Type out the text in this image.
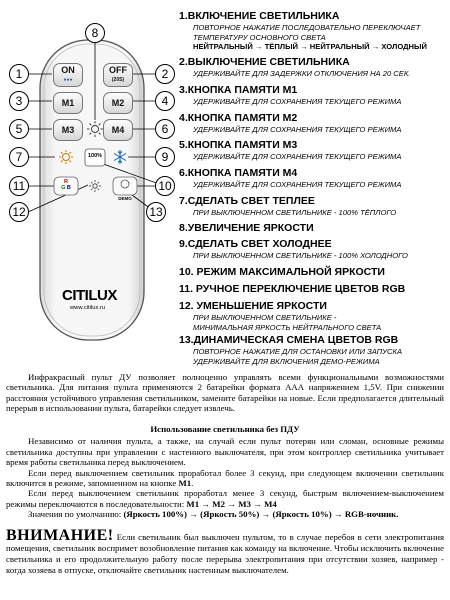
ON
●●●
OFF
(20S)
M1	M2
M3	M4
100%
R
G B
DEMO
CITILUX
www.citilux.ru
1	2
3	4
5	6
7
8
9
10
11
12	13
1.ВКЛЮЧЕНИЕ СВЕТИЛЬНИКА
ПОВТОРНОЕ НАЖАТИЕ ПОСЛЕДОВАТЕЛЬНО ПЕРЕКЛЮЧАЕТ
ТЕМПЕРАТУРУ ОСНОВНОГО СВЕТА
НЕЙТРАЛЬНЫЙ → ТЁПЛЫЙ → НЕЙТРАЛЬНЫЙ → ХОЛОДНЫЙ
2.ВЫКЛЮЧЕНИЕ СВЕТИЛЬНИКА
УДЕРЖИВАЙТЕ ДЛЯ ЗАДЕРЖКИ ОТКЛЮЧЕНИЯ НА 20 СЕК.
3.КНОПКА ПАМЯТИ М1
УДЕРЖИВАЙТЕ ДЛЯ СОХРАНЕНИЯ ТЕКУЩЕГО РЕЖИМА
4.КНОПКА ПАМЯТИ М2
УДЕРЖИВАЙТЕ ДЛЯ СОХРАНЕНИЯ ТЕКУЩЕГО РЕЖИМА
5.КНОПКА ПАМЯТИ М3
УДЕРЖИВАЙТЕ ДЛЯ СОХРАНЕНИЯ ТЕКУЩЕГО РЕЖИМА
6.КНОПКА ПАМЯТИ М4
УДЕРЖИВАЙТЕ ДЛЯ СОХРАНЕНИЯ ТЕКУЩЕГО РЕЖИМА
7.СДЕЛАТЬ СВЕТ ТЕПЛЕЕ
ПРИ ВЫКЛЮЧЕННОМ СВЕТИЛЬНИКЕ - 100% ТЁПЛОГО
8.УВЕЛИЧЕНИЕ ЯРКОСТИ
9.СДЕЛАТЬ СВЕТ ХОЛОДНЕЕ
ПРИ ВЫКЛЮЧЕННОМ СВЕТИЛЬНИКЕ - 100% ХОЛОДНОГО
10. РЕЖИМ МАКСИМАЛЬНОЙ ЯРКОСТИ
11. РУЧНОЕ ПЕРЕКЛЮЧЕНИЕ ЦВЕТОВ RGB
12. УМЕНЬШЕНИЕ ЯРКОСТИ
ПРИ ВЫКЛЮЧЕННОМ СВЕТИЛЬНИКЕ -
МИНИМАЛЬНАЯ ЯРКОСТЬ НЕЙТРАЛЬНОГО СВЕТА
13.ДИНАМИЧЕСКАЯ СМЕНА ЦВЕТОВ RGB
ПОВТОРНОЕ НАЖАТИЕ ДЛЯ ОСТАНОВКИ ИЛИ ЗАПУСКА
УДЕРЖИВАЙТЕ ДЛЯ ВКЛЮЧЕНИЯ ДЕМО-РЕЖИМА

Инфракрасный пульт ДУ позволяет полноценно управлять всеми функциональными возможностями светильника. Для питания пульта применяются 2 батарейки формата ААА напряжением 1,5V. При снижении расстояния устойчивого управления светильником, замените батарейки на новые. Если предполагается длительный перерыв в использовании пульта, батарейки следует извлечь.

Использование светильника без ПДУ

Независимо от наличия пульта, а также, на случай если пульт потерян или сломан, основные режимы светильника доступны при управлении с настенного выключателя, при этом контроллер светильника учитывает время работы светильника перед выключением.

Если перед выключением светильник проработал более 3 секунд, при следующем включении светильник включится в режиме, запомненном на кнопке М1.

Если перед выключением светильник проработал менее 3 секунд, быстрым включением-выключением режимы переключаются в последовательности: М1 → М2 → М3 → М4

Значения по умолчанию: (Яркость 100%) → (Яркость 50%) → (Яркость 10%) → RGB-ночник.

ВНИМАНИЕ! Если светильник был выключен пультом, то в случае перебоя в сети электропитания помещения, светильник воспримет возобновление питания как команду на включение. Чтобы исключить включение светильника и его продолжительную работу после перерыва электропитания при отсутствии хозяев, например - когда хозяева в отпуске, отключайте светильник настенным выключателем.
